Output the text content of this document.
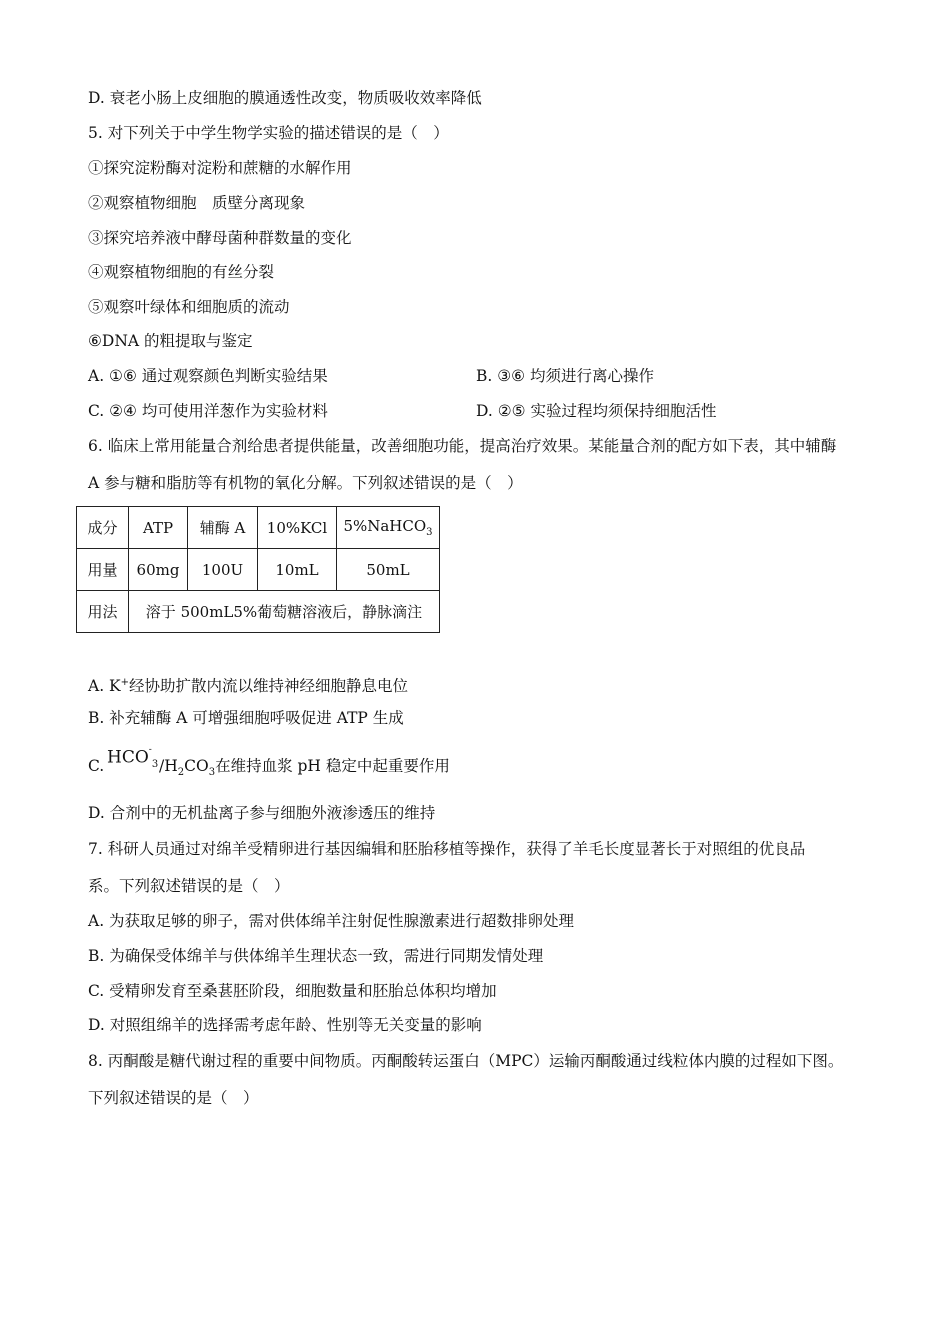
D. 衰老小肠上皮细胞的膜通透性改变，物质吸收效率降低
5. 对下列关于中学生物学实验的描述错误的是（　）
①探究淀粉酶对淀粉和蔗糖的水解作用
②观察植物细胞　质壁分离现象
③探究培养液中酵母菌种群数量的变化
④观察植物细胞的有丝分裂
⑤观察叶绿体和细胞质的流动
⑥DNA 的粗提取与鉴定
A. ①⑥ 通过观察颜色判断实验结果	B. ③⑥ 均须进行离心操作
C. ②④ 均可使用洋葱作为实验材料	D. ②⑤ 实验过程均须保持细胞活性
6. 临床上常用能量合剂给患者提供能量，改善细胞功能，提高治疗效果。某能量合剂的配方如下表，其中辅酶
A 参与糖和脂肪等有机物的氧化分解。下列叙述错误的是（　）
成分	ATP	辅酶 A	10%KCl	5%NaHCO$_3$
用量	60mg	100U	10mL	50mL
用法	溶于 500mL5%葡萄糖溶液后，静脉滴注			
A. K+经协助扩散内流以维持神经细胞静息电位
B. 补充辅酶 A 可增强细胞呼吸促进 ATP 生成
C. $HCO^-_3$ $/H_2CO_3$在维持血浆 pH 稳定中起重要作用
D. 合剂中的无机盐离子参与细胞外液渗透压的维持
7. 科研人员通过对绵羊受精卵进行基因编辑和胚胎移植等操作，获得了羊毛长度显著长于对照组的优良品
系。下列叙述错误的是（　）
A. 为获取足够的卵子，需对供体绵羊注射促性腺激素进行超数排卵处理
B. 为确保受体绵羊与供体绵羊生理状态一致，需进行同期发情处理
C. 受精卵发育至桑葚胚阶段，细胞数量和胚胎总体积均增加
D. 对照组绵羊的选择需考虑年龄、性别等无关变量的影响
8. 丙酮酸是糖代谢过程的重要中间物质。丙酮酸转运蛋白（MPC）运输丙酮酸通过线粒体内膜的过程如下图。
下列叙述错误的是（　）
